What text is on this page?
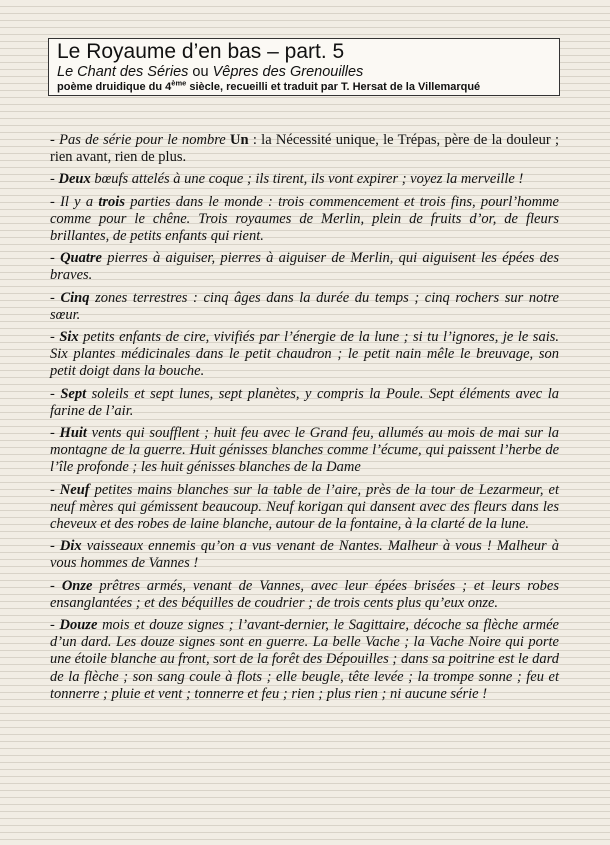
Le Royaume d’en bas – part. 5

Le Chant des Séries ou Vêpres des Grenouilles

poème druidique du 4ème siècle, recueilli et traduit par T. Hersat de la Villemarqué

- Pas de série pour le nombre Un : la Nécessité unique, le Trépas, père de la douleur ; rien avant, rien de plus.

- Deux bœufs attelés à une coque ; ils tirent, ils vont expirer ; voyez la merveille !

- Il y a trois parties dans le monde : trois commencement et trois fins, pourl’homme comme pour le chêne. Trois royaumes de Merlin, plein de fruits d’or, de fleurs brillantes, de petits enfants qui rient.

- Quatre pierres à aiguiser, pierres à aiguiser de Merlin, qui aiguisent les épées des braves.

- Cinq zones terrestres : cinq âges dans la durée du temps ; cinq rochers sur notre sœur.

- Six petits enfants de cire, vivifiés par l’énergie de la lune ; si tu l’ignores, je le sais. Six plantes médicinales dans le petit chaudron ; le petit nain mêle le breuvage, son petit doigt dans la bouche.

- Sept soleils et sept lunes, sept planètes, y compris la Poule. Sept éléments avec la farine de l’air.

- Huit vents qui soufflent ; huit feu avec le Grand feu, allumés au mois de mai sur la montagne de la guerre. Huit génisses blanches comme l’écume, qui paissent l’herbe de l’île profonde ; les huit génisses blanches de la Dame

- Neuf petites mains blanches sur la table de l’aire, près de la tour de Lezarmeur, et neuf mères qui gémissent beaucoup. Neuf korigan qui dansent avec des fleurs dans les cheveux et des robes de laine blanche, autour de la fontaine, à la clarté de la lune.

- Dix vaisseaux ennemis qu’on a vus venant de Nantes. Malheur à vous ! Malheur à vous hommes de Vannes !

- Onze prêtres armés, venant de Vannes, avec leur épées brisées ; et leurs robes ensanglantées ; et des béquilles de coudrier ; de trois cents plus qu’eux onze.

- Douze mois et douze signes ; l’avant-dernier, le Sagittaire, décoche sa flèche armée d’un dard. Les douze signes sont en guerre. La belle Vache ; la Vache Noire qui porte une étoile blanche au front, sort de la forêt des Dépouilles ; dans sa poitrine est le dard de la flèche ; son sang coule à flots ; elle beugle, tête levée ; la trompe sonne ; feu et tonnerre ; pluie et vent ; tonnerre et feu ; rien ; plus rien ; ni aucune série !
